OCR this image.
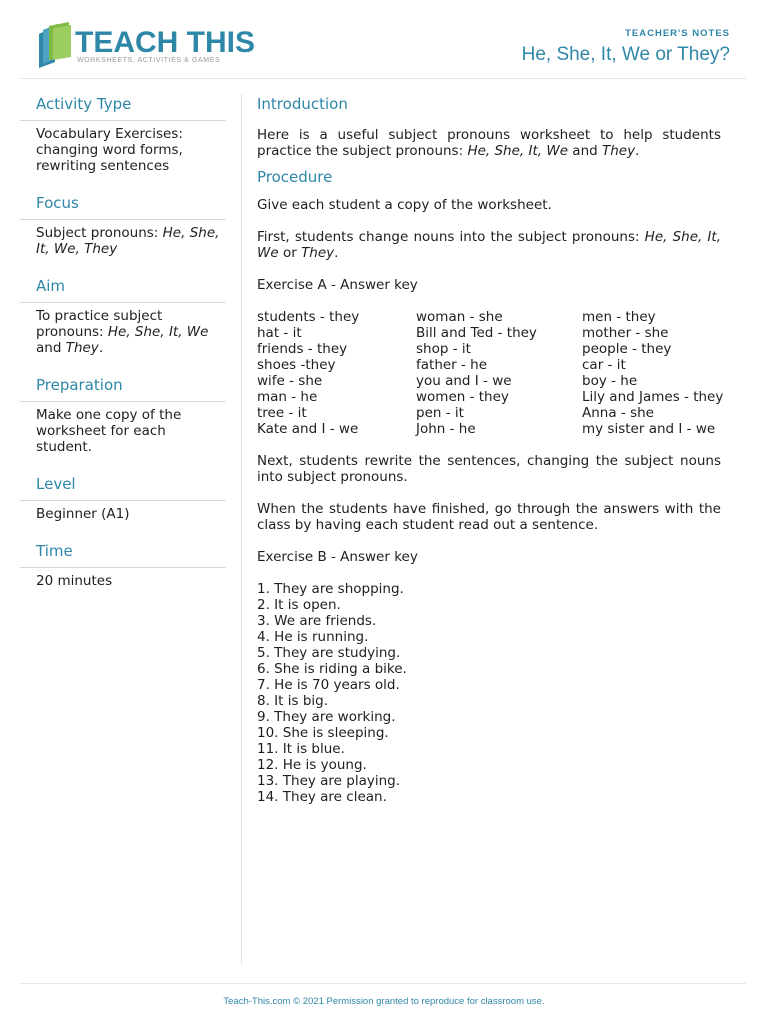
TEACH THIS
WORKSHEETS, ACTIVITIES & GAMES
TEACHER'S NOTES
He, She, It, We or They?
Activity Type
Vocabulary Exercises: changing word forms, rewriting sentences
Focus
Subject pronouns: He, She, It, We, They
Aim
To practice subject pronouns: He, She, It, We and They.
Preparation
Make one copy of the worksheet for each student.
Level
Beginner (A1)
Time
20 minutes
Introduction
Here is a useful subject pronouns worksheet to help students practice the subject pronouns: He, She, It, We and They.
Procedure
Give each student a copy of the worksheet.
First, students change nouns into the subject pronouns: He, She, It, We or They.
Exercise A - Answer key
students - they	woman - she	men - they
hat - it	Bill and Ted - they	mother - she
friends - they	shop - it	people - they
shoes -they	father - he	car - it
wife - she	you and I - we	boy - he
man - he	women - they	Lily and James - they
tree - it	pen - it	Anna - she
Kate and I - we	John - he	my sister and I - we
Next, students rewrite the sentences, changing the subject nouns into subject pronouns.
When the students have finished, go through the answers with the class by having each student read out a sentence.
Exercise B - Answer key
1. They are shopping.
2. It is open.
3. We are friends.
4. He is running.
5. They are studying.
6. She is riding a bike.
7. He is 70 years old.
8. It is big.
9. They are working.
10. She is sleeping.
11. It is blue.
12. He is young.
13. They are playing.
14. They are clean.
Teach-This.com © 2021 Permission granted to reproduce for classroom use.
